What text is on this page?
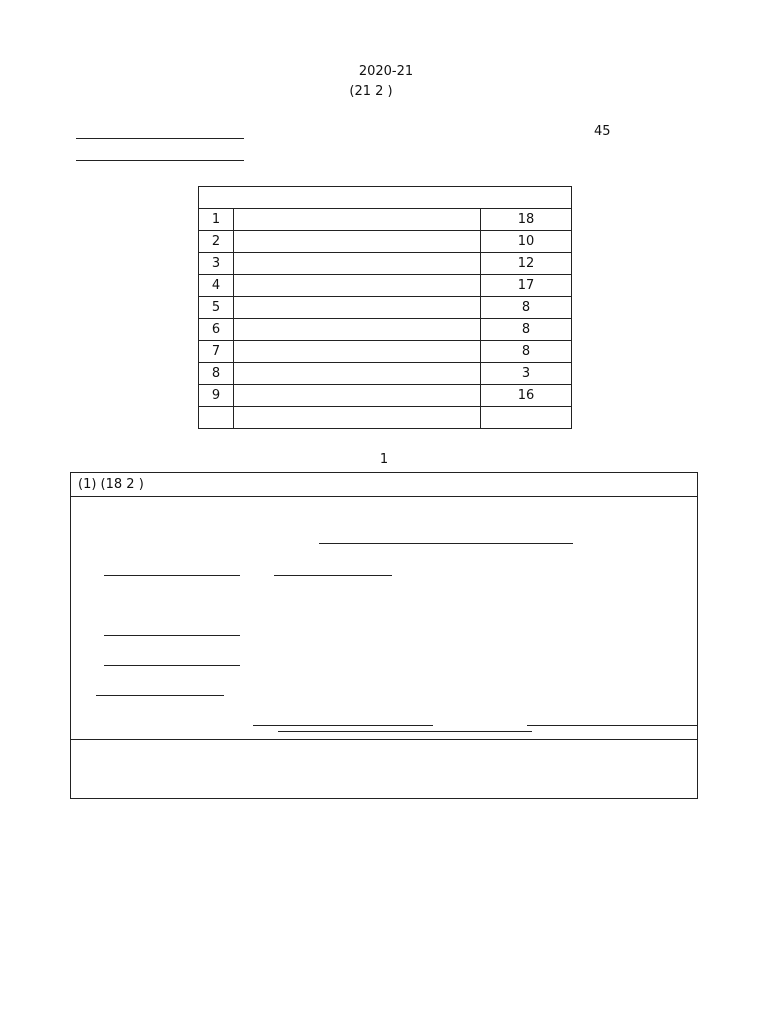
2020-21
(21 2 )
45

1		18
2		10
3		12
4		17
5		8
6		8
7		8
8		3
9		16

1
(1) (18 2 )
